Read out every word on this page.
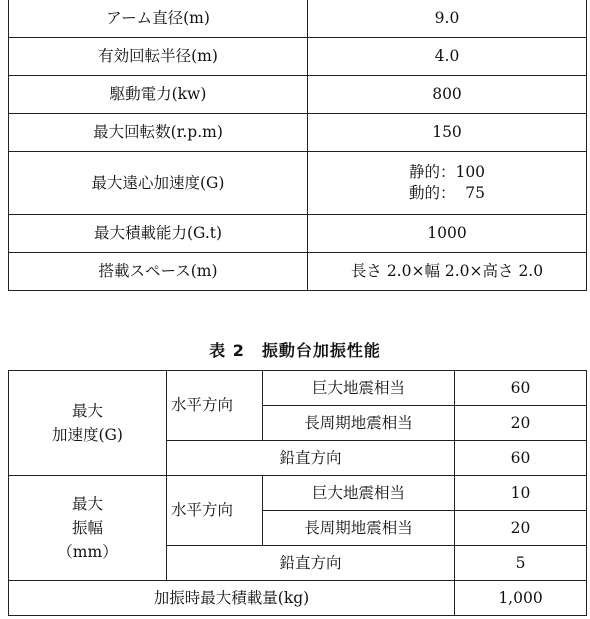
アーム直径(m)	9.0
有効回転半径(m)	4.0
駆動電力(kw)	800
最大回転数(r.p.m)	150
最大遠心加速度(G)	静的：100
動的：  75

最大積載能力(G.t)	1000
搭載スペース(m)	長さ 2.0×幅 2.0×高さ 2.0
表 2　振動台加振性能
最大
加速度(G)	水平方向	巨大地震相当	60
		長周期地震相当	20
	鉛直方向		60

最大
振幅
（mm）	水平方向	巨大地震相当	10
		長周期地震相当	20
	鉛直方向		5
加振時最大積載量(kg)			1,000
